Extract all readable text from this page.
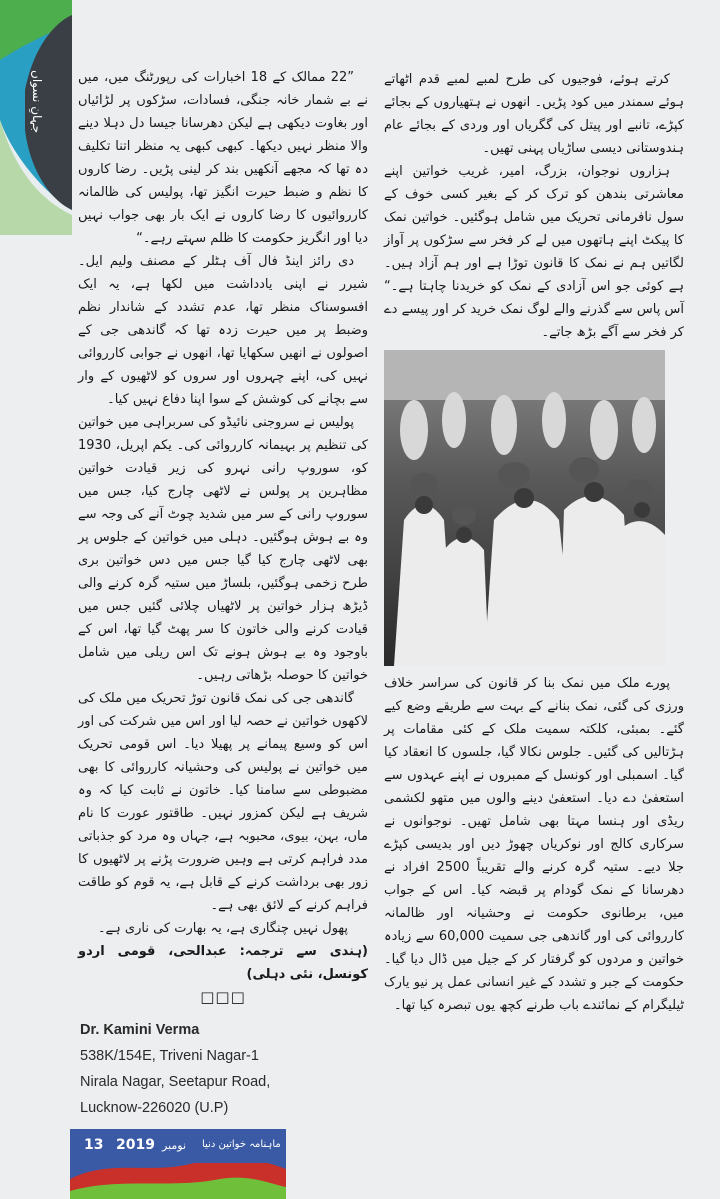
جہانِ نسواں	”22 ممالک کے 18 اخبارات کی رپورٹنگ میں، میں نے بے شمار خانہ جنگی، فسادات، سڑکوں پر لڑائیاں اور بغاوت دیکھی ہے لیکن دھرسانا جیسا دل دہلا دینے والا منظر نہیں دیکھا۔ کبھی کبھی یہ منظر اتنا تکلیف دہ تھا کہ مجھے آنکھیں بند کر لینی پڑیں۔ رضا کاروں کا نظم و ضبط حیرت انگیز تھا، پولیس کی ظالمانہ کارروائیوں کا رضا کاروں نے ایک بار بھی جواب نہیں دیا اور انگریز حکومت کا ظلم سہتے رہے۔“

دی رائز اینڈ فال آف ہٹلر کے مصنف ولیم ایل۔ شیرر نے اپنی یادداشت میں لکھا ہے، یہ ایک افسوسناک منظر تھا، عدم تشدد کے شاندار نظم وضبط پر میں حیرت زدہ تھا کہ گاندھی جی کے اصولوں نے انھیں سکھایا تھا، انھوں نے جوابی کارروائی نہیں کی، اپنے چہروں اور سروں کو لاٹھیوں کے وار سے بچانے کی کوشش کے سوا اپنا دفاع نہیں کیا۔

پولیس نے سروجنی نائیڈو کی سربراہی میں خواتین کی تنظیم پر بہیمانہ کارروائی کی۔ یکم اپریل، 1930 کو، سوروپ رانی نہرو کی زیر قیادت خواتین مظاہرین پر پولس نے لاٹھی چارج کیا، جس میں سوروپ رانی کے سر میں شدید چوٹ آنے کی وجہ سے وہ بے ہوش ہوگئیں۔ دہلی میں خواتین کے جلوس پر بھی لاٹھی چارج کیا گیا جس میں دس خواتین بری طرح زخمی ہوگئیں، بلساڑ میں ستیہ گرہ کرنے والی ڈیڑھ ہزار خواتین پر لاٹھیاں چلائی گئیں جس میں قیادت کرنے والی خاتون کا سر پھٹ گیا تھا، اس کے باوجود وہ بے ہوش ہونے تک اس ریلی میں شامل خواتین کا حوصلہ بڑھاتی رہیں۔

گاندھی جی کی نمک قانون توڑ تحریک میں ملک کی لاکھوں خواتین نے حصہ لیا اور اس میں شرکت کی اور اس کو وسیع پیمانے پر پھیلا دیا۔ اس قومی تحریک میں خواتین نے پولیس کی وحشیانہ کارروائی کا بھی مضبوطی سے سامنا کیا۔ خاتون نے ثابت کیا کہ وہ شریف ہے لیکن کمزور نہیں۔ طاقتور عورت کا نام ماں، بہن، بیوی، محبوبہ ہے، جہاں وہ مرد کو جذباتی مدد فراہم کرتی ہے وہیں ضرورت پڑنے پر لاٹھیوں کا زور بھی برداشت کرنے کے قابل ہے، یہ قوم کو طاقت فراہم کرنے کے لائق بھی ہے۔

پھول نہیں چنگاری ہے، یہ بھارت کی ناری ہے۔

(ہندی سے ترجمہ: عبدالحی، قومی اردو کونسل، نئی دہلی)

□□□
Dr. Kamini Verma
538K/154E, Triveni Nagar-1
Nirala Nagar, Seetapur Road,
Lucknow-226020 (U.P)
13 2019 نومبر ماہنامہ خواتین دنیا

کرتے ہوئے، فوجیوں کی طرح لمبے لمبے قدم اٹھاتے ہوئے سمندر میں کود پڑیں۔ انھوں نے ہتھیاروں کے بجائے کپڑے، تانبے اور پیتل کی گگریاں اور وردی کے بجائے عام ہندوستانی دیسی ساڑیاں پہنی تھیں۔

ہزاروں نوجوان، بزرگ، امیر، غریب خواتین اپنے معاشرتی بندھن کو ترک کر کے بغیر کسی خوف کے سول نافرمانی تحریک میں شامل ہوگئیں۔ خواتین نمک کا پیکٹ اپنے ہاتھوں میں لے کر فخر سے سڑکوں پر آواز لگاتیں ہم نے نمک کا قانون توڑا ہے اور ہم آزاد ہیں۔ ہے کوئی جو اس آزادی کے نمک کو خریدنا چاہتا ہے۔“ آس پاس سے گذرنے والے لوگ نمک خرید کر اور پیسے دے کر فخر سے آگے بڑھ جاتے۔

پورے ملک میں نمک بنا کر قانون کی سراسر خلاف ورزی کی گئی، نمک بنانے کے بہت سے طریقے وضع کیے گئے۔ بمبئی، کلکتہ سمیت ملک کے کئی مقامات پر ہڑتالیں کی گئیں۔ جلوس نکالا گیا، جلسوں کا انعقاد کیا گیا۔ اسمبلی اور کونسل کے ممبروں نے اپنے عہدوں سے استعفیٰ دے دیا۔ استعفیٰ دینے والوں میں متھو لکشمی ریڈی اور ہنسا مہتا بھی شامل تھیں۔ نوجوانوں نے سرکاری کالج اور نوکریاں چھوڑ دیں اور بدیسی کپڑے جلا دیے۔ ستیہ گرہ کرنے والے تقریباً 2500 افراد نے دھرسانا کے نمک گودام پر قبضہ کیا۔ اس کے جواب میں، برطانوی حکومت نے وحشیانہ اور ظالمانہ کارروائی کی اور گاندھی جی سمیت 60,000 سے زیادہ خواتین و مردوں کو گرفتار کر کے جیل میں ڈال دیا گیا۔ حکومت کے جبر و تشدد کے غیر انسانی عمل پر نیو یارک ٹیلیگرام کے نمائندے باب طرنے کچھ یوں تبصرہ کیا تھا۔
